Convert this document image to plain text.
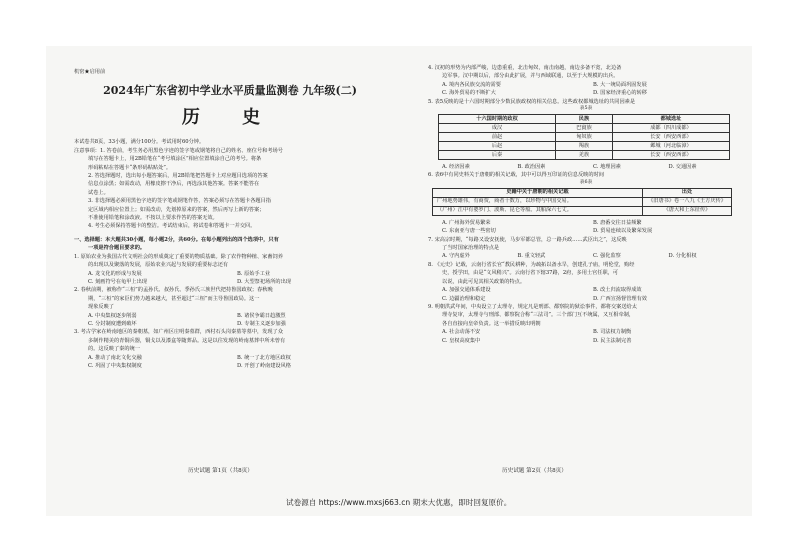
机密★启用前
2024年广东省初中学业水平质量监测卷 九年级(二)
历 史

本试卷共8页，33小题，满分100分。考试用时60分钟。

注意事项：1. 答卷前，考生务必用黑色字迹的签字笔或钢笔将自己的姓名、座位号和考场号

填写在答题卡上，用2B铅笔在“考号填涂区”相应位置填涂自己的考号。将条

形码粘贴在答题卡“条形码粘贴处”。

2. 答选择题时，选出每小题答案后，用2B铅笔把答题卡上对应题目选项的答案

信息点涂黑；如需改动，用橡皮擦干净后，再选涂其他答案。答案不能答在

试卷上。

3. 非选择题必须用黑色字迹的签字笔或钢笔作答，答案必须写在答题卡各题目指

定区域内相应位置上；如需改动，先划掉原来的答案，然后再写上新的答案；

不准使用铅笔和涂改液。不按以上要求作答的答案无效。

4. 考生必须保持答题卡的整洁。考试结束后，将试卷和答题卡一并交回。

一、选择题：本大题共30小题，每小题2分，共60分。在每小题列出的四个选项中，只有

一项是符合题目要求的。

1. 原始农业为我国古代文明社会的形成奠定了重要的物质基础。除了农作物种植、家畜饲养

的出现以及聚落的发展，原始农业兴起与发展的重要标志还有

A. 龙文化的形成与发展	B. 原始手工业
C. 刻画符号在龟甲上出现	D. 大型祭祀场所的出现

2. 春秋前期，被称作“三桓”的孟孙氏、叔孙氏、季孙氏三族世代把持鲁国政权；春秋晚

期，“三桓”的家臣们势力越来越大，甚至超过“三桓”而主导鲁国政局。这一

现象反映了

A. 中央集权逐步削弱	B. 诸侯争霸日趋激烈
C. 分封制度遭到破坏	D. 专制主义逐步加强

3. 考古学家在岭南地区的秦朝墓，如广州区庄明秦墓群，西村石头岗秦墓等墓中，发现了众

多制作精美的青铜兵器，铜戈以及漆盒等随葬品。这是以往发现的岭南墓葬中所未曾有

的。这反映了秦的统一

A. 推动了南北文化交融	B. 统一了北方地区政权
C. 巩固了中央集权制度	D. 开创了岭南建设风格

4. 汉初的形势为内部严峻，边患重重，北击匈奴，南击南越，南边多备不宽，北边备

边军事。汉中期以后，部分由此扩展，并与西域联通，以至于大规模的出兵。

A. 境内各民族交流的需要	B. 大一统局面巩固发展
C. 海外贸易的不断扩大	D. 国家经济重心的转移

5. 表5反映的是十六国时期部分少数民族政权的相关信息。这些政权都城选址的共同因素是

表5表
十六国时期的政权	民族	都城选址
成汉	巴賨族	成都（四川成都）
前赵	匈奴族	长安（西安西部）
后赵	羯族	邺城（河北临漳）
后秦	羌族	长安（西安西部）
A. 经济因素	B. 政治因素	C. 地理因素	D. 交通因素

6. 表6中有同史料关于唐朝的相关记载，其中可以得互印证的信息反映的时间

表6表
史籍中关于唐朝的相关记载	出处
广州地势雄伟，有商贾，商者十数万，以珍物与中国交易。	《旧唐书》卷一八九《王方庆传》
（广州）江中有婆罗门、波斯、昆仑等船。其舶深六七丈。	《唐大和上东征传》
A. 广州海外贸易繁荣	B. 唐番交往日益频繁
C. 东南亚与唐一些密切	D. 贸易连续以及繁荣发展

7. 宋高宗时期，“每路又设安抚使，马步军都总管，总一路兵政……武臣出之”，这反映

了当时国家治理的特点是

A. 守内虚外	B. 重文轻武	C. 强化监察	D. 分化相权

8. 《元史》记载，云南行省长官“教民耕种，为疏拓以备水旱，创建孔子庙，明伦堂，购经

史，授学田，由是“文风稍兴”。云南行省下辖37路，2府，多用土官任职，可

以说，由此可见其相关政策的特点。

A. 加强交通体系建设	B. 改土归流取得成效
C. 边疆治理和稳定	D. 广西宣扬督管理有效

9. 明朝洪武年间，中央设立了太理寺，规定凡是刑部、都察院的狱讼事件，都将交案送给太

理寺复审，太理寺与刑部、都察院合称“三法司”。三个部门互不统属，又互相牵制，

各自直接向皇帝负责。这一举措反映出明朝

A. 社会动荡不安	B. 司法权力制衡
C. 皇权高度集中	D. 民主法制完善
历史试题 第1页（共8页）	历史试题 第2页（共8页）
试卷源自 https://www.mxsj663.cn 期末大优惠，即时回复原价。
